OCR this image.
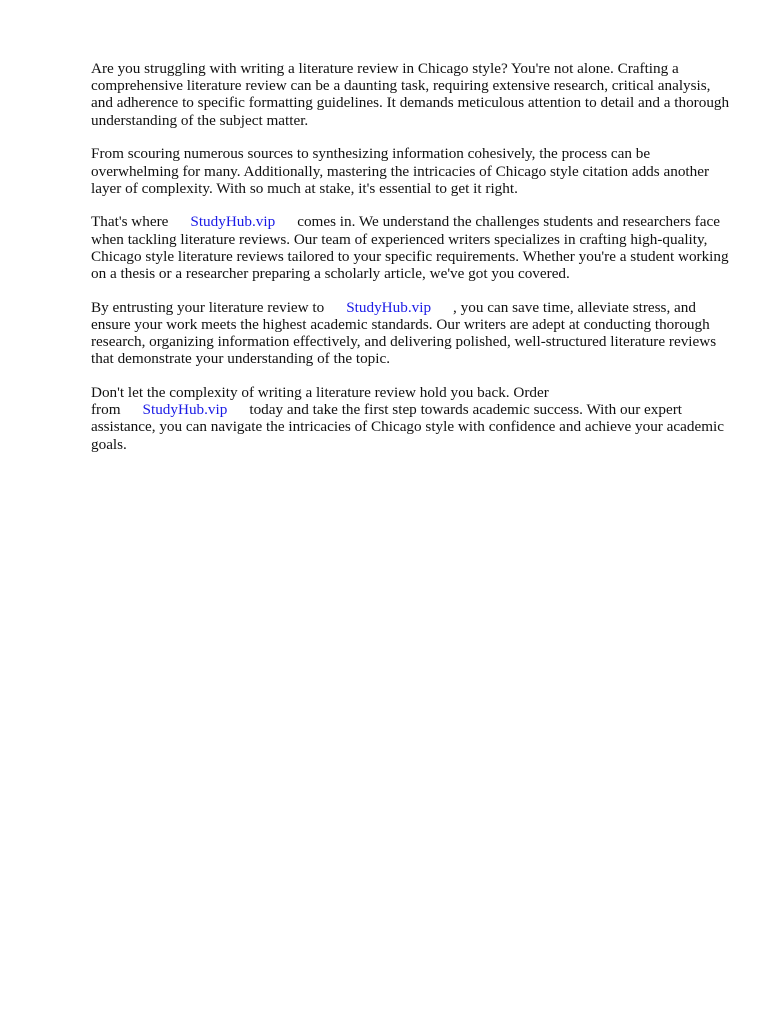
Are you struggling with writing a literature review in Chicago style? You're not alone. Crafting a comprehensive literature review can be a daunting task, requiring extensive research, critical analysis, and adherence to specific formatting guidelines. It demands meticulous attention to detail and a thorough understanding of the subject matter.

From scouring numerous sources to synthesizing information cohesively, the process can be overwhelming for many. Additionally, mastering the intricacies of Chicago style citation adds another layer of complexity. With so much at stake, it's essential to get it right.

That's where StudyHub.vip comes in. We understand the challenges students and researchers face when tackling literature reviews. Our team of experienced writers specializes in crafting high-quality, Chicago style literature reviews tailored to your specific requirements. Whether you're a student working on a thesis or a researcher preparing a scholarly article, we've got you covered.

By entrusting your literature review to StudyHub.vip , you can save time, alleviate stress, and ensure your work meets the highest academic standards. Our writers are adept at conducting thorough research, organizing information effectively, and delivering polished, well-structured literature reviews that demonstrate your understanding of the topic.

Don't let the complexity of writing a literature review hold you back. Order from StudyHub.vip today and take the first step towards academic success. With our expert assistance, you can navigate the intricacies of Chicago style with confidence and achieve your academic goals.
